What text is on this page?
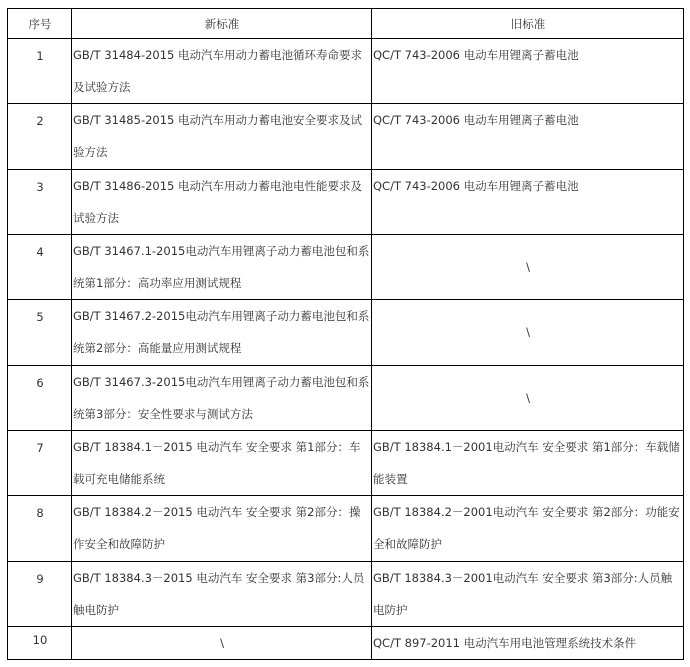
序号	新标准	旧标准
1	GB/T 31484-2015 电动汽车用动力蓄电池循环寿命要求及试验方法	QC/T 743-2006 电动车用锂离子蓄电池
2	GB/T 31485-2015 电动汽车用动力蓄电池安全要求及试验方法	QC/T 743-2006 电动车用锂离子蓄电池
3	GB/T 31486-2015 电动汽车用动力蓄电池电性能要求及试验方法	QC/T 743-2006 电动车用锂离子蓄电池
4	GB/T 31467.1-2015电动汽车用锂离子动力蓄电池包和系统第1部分：高功率应用测试规程	\
5	GB/T 31467.2-2015电动汽车用锂离子动力蓄电池包和系统第2部分：高能量应用测试规程	\
6	GB/T 31467.3-2015电动汽车用锂离子动力蓄电池包和系统第3部分：安全性要求与测试方法	\
7	GB/T 18384.1－2015 电动汽车 安全要求 第1部分：车载可充电储能系统	GB/T 18384.1－2001电动汽车 安全要求 第1部分：车载储能装置
8	GB/T 18384.2－2015 电动汽车 安全要求 第2部分：操作安全和故障防护	GB/T 18384.2－2001电动汽车 安全要求 第2部分：功能安全和故障防护
9	GB/T 18384.3－2015 电动汽车 安全要求 第3部分:人员触电防护	GB/T 18384.3－2001电动汽车 安全要求 第3部分:人员触电防护
10	\	QC/T 897-2011 电动汽车用电池管理系统技术条件
